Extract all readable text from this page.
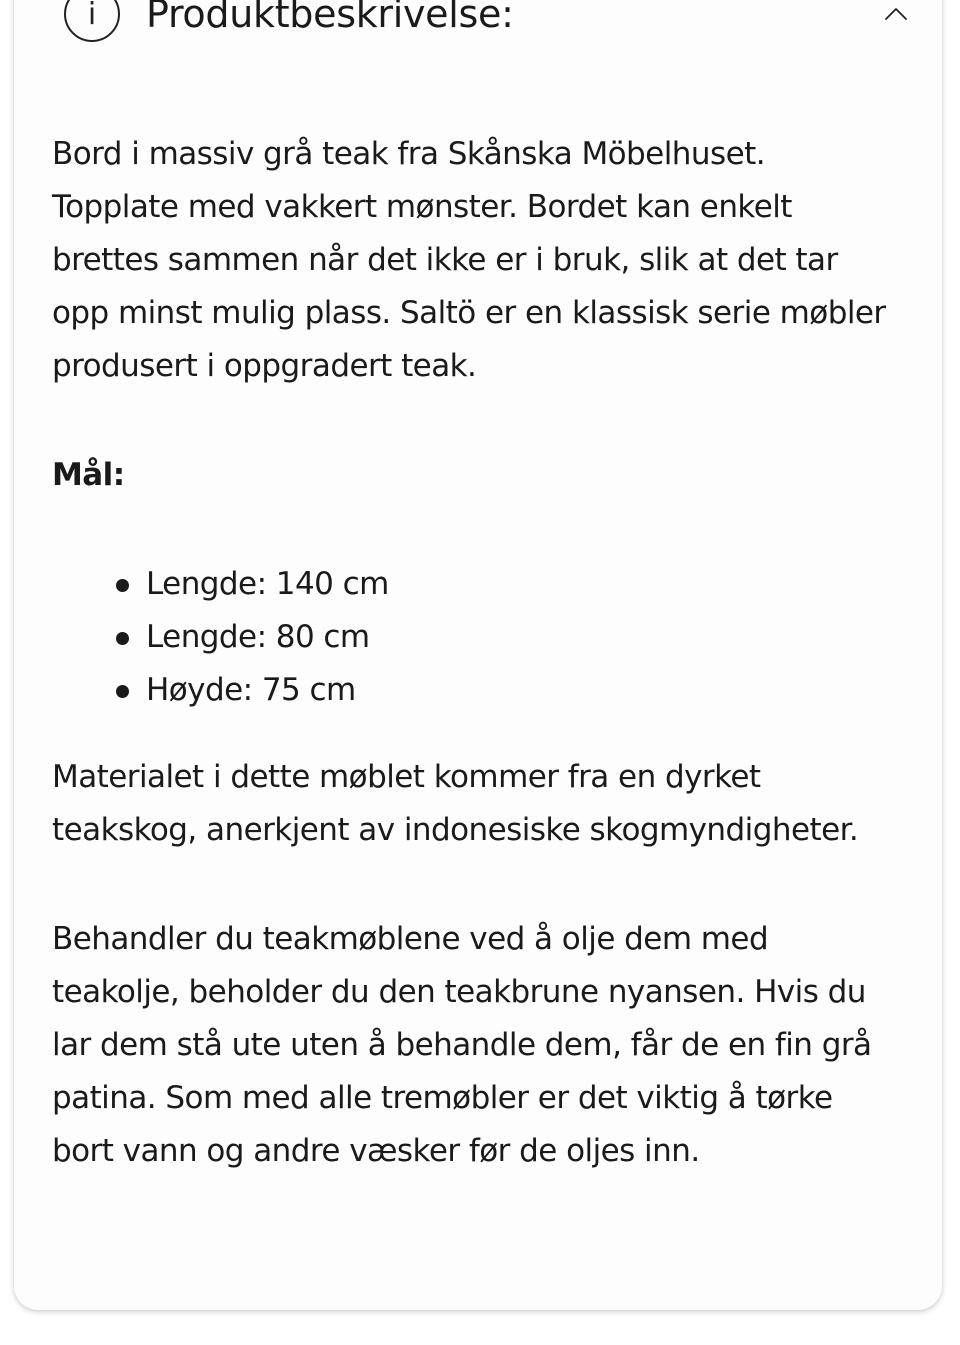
i Produktbeskrivelse:

Bord i massiv grå teak fra Skånska Möbelhuset.
Topplate med vakkert mønster. Bordet kan enkelt
brettes sammen når det ikke er i bruk, slik at det tar
opp minst mulig plass. Saltö er en klassisk serie møbler
produsert i oppgradert teak.

Mål:

Lengde: 140 cm
Lengde: 80 cm
Høyde: 75 cm

Materialet i dette møblet kommer fra en dyrket
teakskog, anerkjent av indonesiske skogmyndigheter.

Behandler du teakmøblene ved å olje dem med
teakolje, beholder du den teakbrune nyansen. Hvis du
lar dem stå ute uten å behandle dem, får de en fin grå
patina. Som med alle tremøbler er det viktig å tørke
bort vann og andre væsker før de oljes inn.
